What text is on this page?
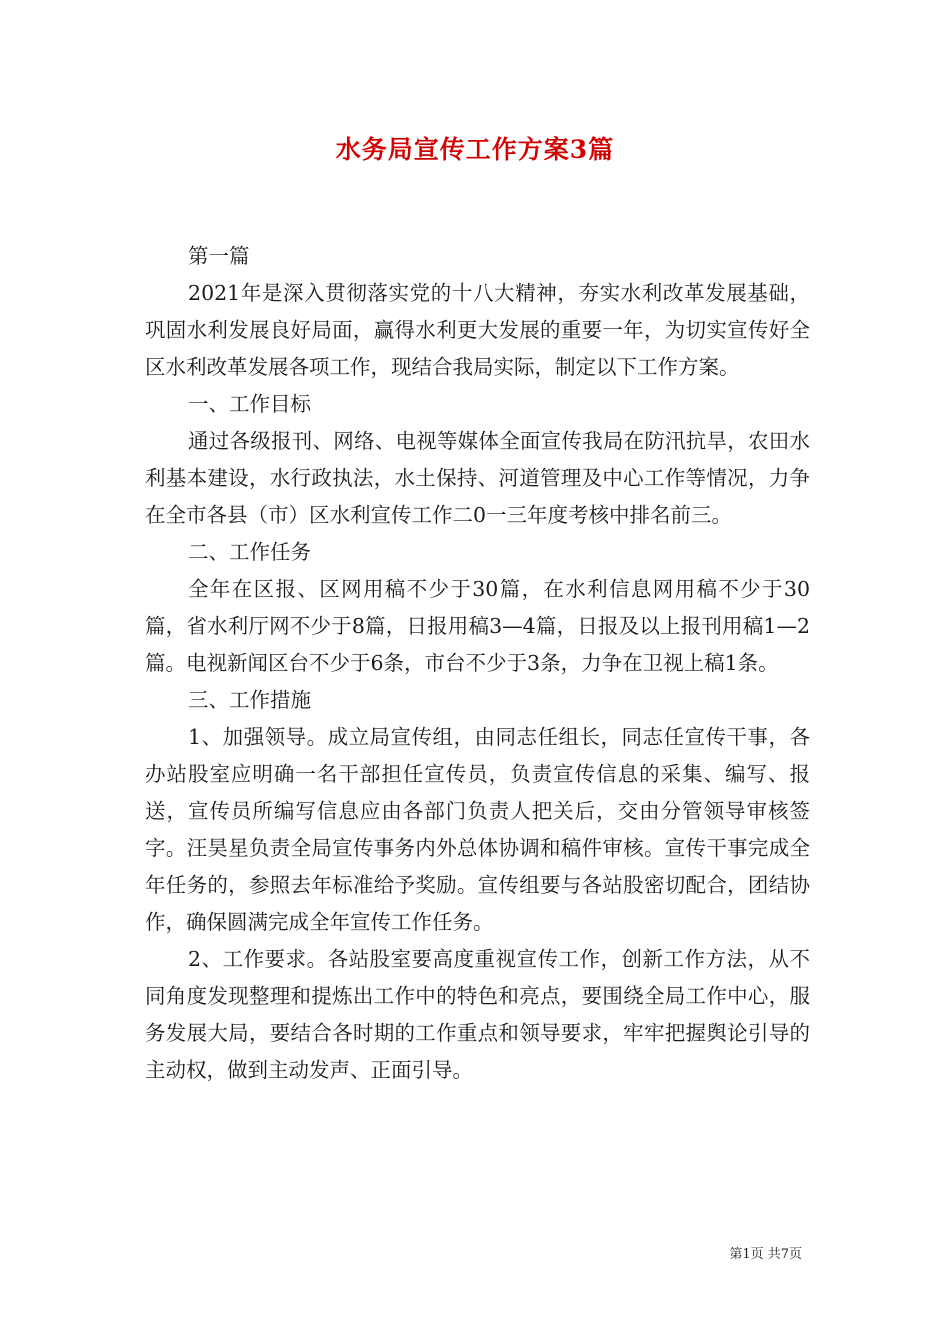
水务局宣传工作方案3篇

第一篇

2021年是深入贯彻落实党的十八大精神，夯实水利改革发展基础，巩固水利发展良好局面，赢得水利更大发展的重要一年，为切实宣传好全区水利改革发展各项工作，现结合我局实际，制定以下工作方案。

一、工作目标

通过各级报刊、网络、电视等媒体全面宣传我局在防汛抗旱，农田水利基本建设，水行政执法，水土保持、河道管理及中心工作等情况，力争在全市各县（市）区水利宣传工作二0一三年度考核中排名前三。

二、工作任务

全年在区报、区网用稿不少于30篇，在水利信息网用稿不少于30篇，省水利厅网不少于8篇，日报用稿3—4篇，日报及以上报刊用稿1—2篇。电视新闻区台不少于6条，市台不少于3条，力争在卫视上稿1条。

三、工作措施

1、加强领导。成立局宣传组，由同志任组长，同志任宣传干事，各办站股室应明确一名干部担任宣传员，负责宣传信息的采集、编写、报送，宣传员所编写信息应由各部门负责人把关后，交由分管领导审核签字。汪昊星负责全局宣传事务内外总体协调和稿件审核。宣传干事完成全年任务的，参照去年标准给予奖励。宣传组要与各站股密切配合，团结协作，确保圆满完成全年宣传工作任务。

2、工作要求。各站股室要高度重视宣传工作，创新工作方法，从不同角度发现整理和提炼出工作中的特色和亮点，要围绕全局工作中心，服务发展大局，要结合各时期的工作重点和领导要求，牢牢把握舆论引导的主动权，做到主动发声、正面引导。

第1页 共7页
